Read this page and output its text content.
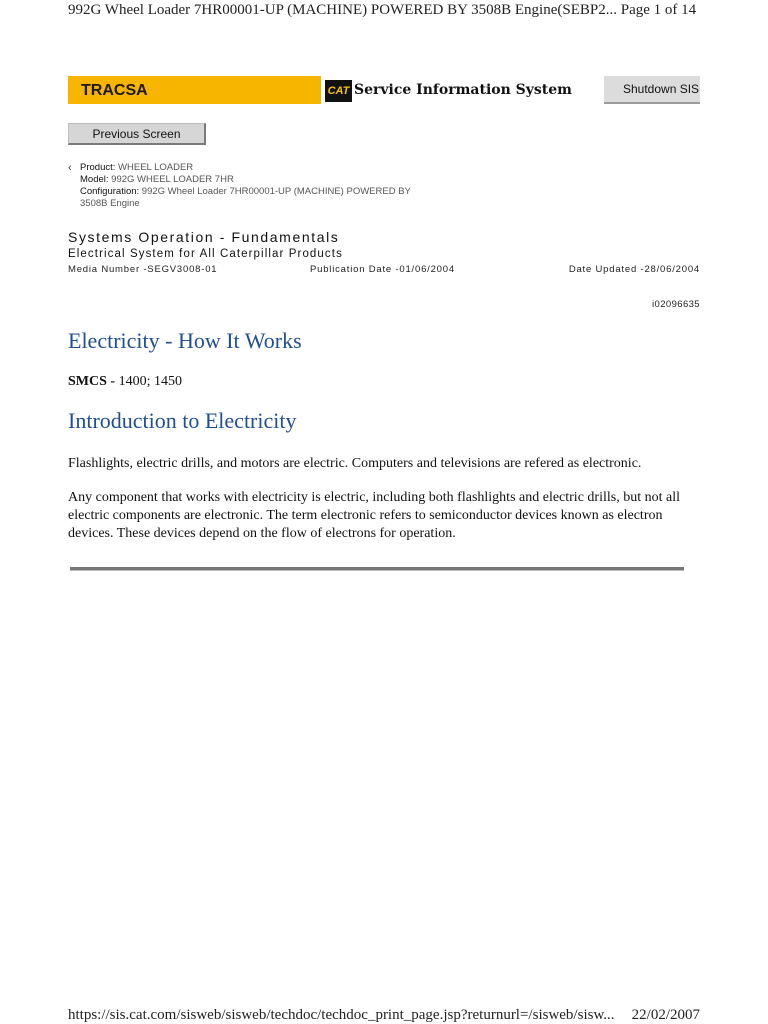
992G Wheel Loader 7HR00001-UP (MACHINE) POWERED BY 3508B Engine(SEBP2... Page 1 of 14
TRACSA	CAT Service Information System	Shutdown SIS
Previous Screen
‹ Product: WHEEL LOADER
Model: 992G WHEEL LOADER 7HR
Configuration: 992G Wheel Loader 7HR00001-UP (MACHINE) POWERED BY
3508B Engine
Systems Operation - Fundamentals
Electrical System for All Caterpillar Products
Media Number -SEGV3008-01	Publication Date -01/06/2004	Date Updated -28/06/2004
i02096635
Electricity - How It Works
SMCS - 1400; 1450
Introduction to Electricity

Flashlights, electric drills, and motors are electric. Computers and televisions are refered as electronic.

Any component that works with electricity is electric, including both flashlights and electric drills, but not all electric components are electronic. The term electronic refers to semiconductor devices known as electron devices. These devices depend on the flow of electrons for operation.

https://sis.cat.com/sisweb/sisweb/techdoc/techdoc_print_page.jsp?returnurl=/sisweb/sisw... 22/02/2007
